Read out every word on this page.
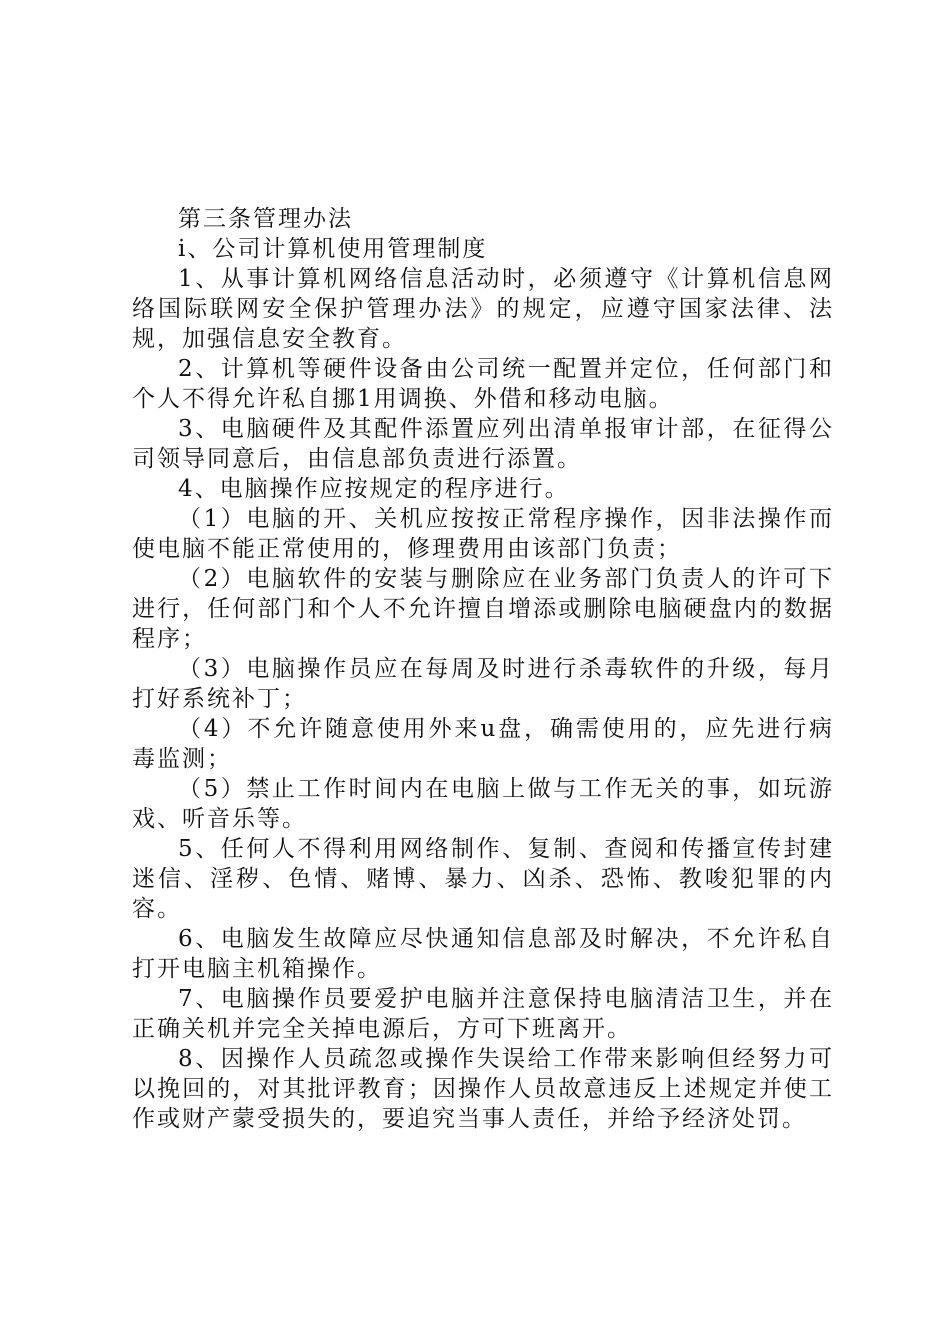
第三条管理办法

i、公司计算机使用管理制度

1、从事计算机网络信息活动时，必须遵守《计算机信息网络国际联网安全保护管理办法》的规定，应遵守国家法律、法规，加强信息安全教育。

2、计算机等硬件设备由公司统一配置并定位，任何部门和个人不得允许私自挪1用调换、外借和移动电脑。

3、电脑硬件及其配件添置应列出清单报审计部，在征得公司领导同意后，由信息部负责进行添置。

4、电脑操作应按规定的程序进行。

（1）电脑的开、关机应按按正常程序操作，因非法操作而使电脑不能正常使用的，修理费用由该部门负责；

（2）电脑软件的安装与删除应在业务部门负责人的许可下进行，任何部门和个人不允许擅自增添或删除电脑硬盘内的数据程序；

（3）电脑操作员应在每周及时进行杀毒软件的升级，每月打好系统补丁；

（4）不允许随意使用外来u盘，确需使用的，应先进行病毒监测；

（5）禁止工作时间内在电脑上做与工作无关的事，如玩游戏、听音乐等。

5、任何人不得利用网络制作、复制、查阅和传播宣传封建迷信、淫秽、色情、赌博、暴力、凶杀、恐怖、教唆犯罪的内容。

6、电脑发生故障应尽快通知信息部及时解决，不允许私自打开电脑主机箱操作。

7、电脑操作员要爱护电脑并注意保持电脑清洁卫生，并在正确关机并完全关掉电源后，方可下班离开。

8、因操作人员疏忽或操作失误给工作带来影响但经努力可以挽回的，对其批评教育；因操作人员故意违反上述规定并使工作或财产蒙受损失的，要追究当事人责任，并给予经济处罚。
